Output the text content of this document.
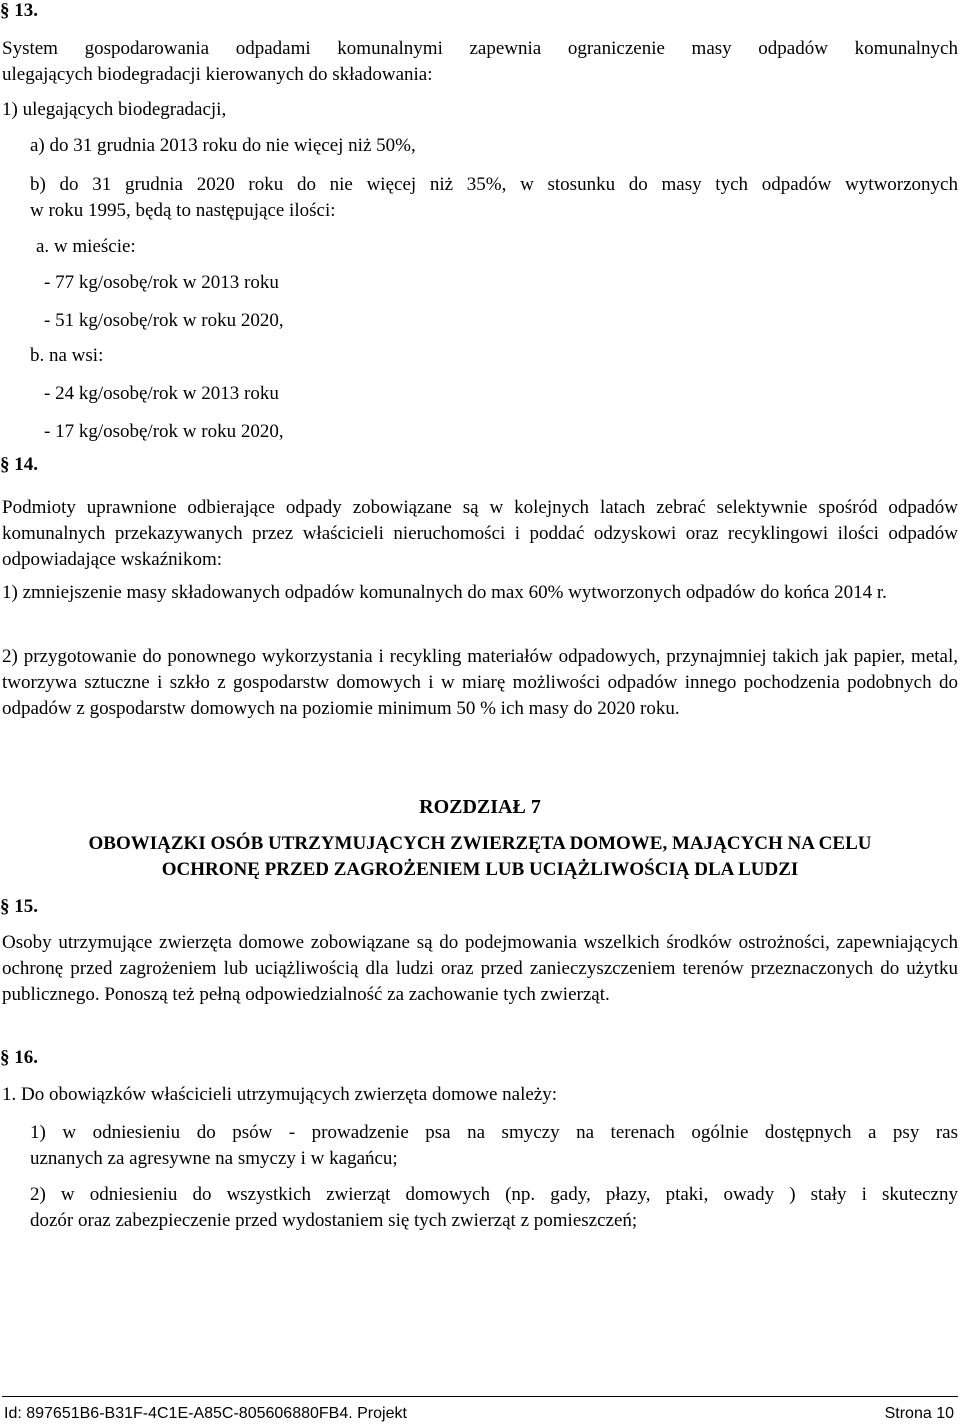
§ 13.
System gospodarowania odpadami komunalnymi zapewnia ograniczenie masy odpadów komunalnych
ulegających biodegradacji kierowanych do składowania:
1) ulegających biodegradacji,
a) do 31 grudnia 2013 roku do nie więcej niż 50%,
b) do 31 grudnia 2020 roku do nie więcej niż 35%, w stosunku do masy tych odpadów wytworzonych
w roku 1995, będą to następujące ilości:
a. w mieście:
- 77 kg/osobę/rok w 2013 roku
- 51 kg/osobę/rok w roku 2020,
b. na wsi:
- 24 kg/osobę/rok w 2013 roku
- 17 kg/osobę/rok w roku 2020,
§ 14.
Podmioty uprawnione odbierające odpady zobowiązane są w kolejnych latach zebrać selektywnie spośród odpadów komunalnych przekazywanych przez właścicieli nieruchomości i poddać odzyskowi oraz recyklingowi ilości odpadów odpowiadające wskaźnikom:
1) zmniejszenie masy składowanych odpadów komunalnych do max 60% wytworzonych odpadów do końca 2014 r.
2) przygotowanie do ponownego wykorzystania i recykling materiałów odpadowych, przynajmniej takich jak papier, metal, tworzywa sztuczne i szkło z gospodarstw domowych i w miarę możliwości odpadów innego pochodzenia podobnych do odpadów z gospodarstw domowych na poziomie minimum 50 % ich masy do 2020 roku.
ROZDZIAŁ 7
OBOWIĄZKI OSÓB UTRZYMUJĄCYCH ZWIERZĘTA DOMOWE, MAJĄCYCH NA CELU
OCHRONĘ PRZED ZAGROŻENIEM LUB UCIĄŻLIWOŚCIĄ DLA LUDZI
§ 15.
Osoby utrzymujące zwierzęta domowe zobowiązane są do podejmowania wszelkich środków ostrożności, zapewniających ochronę przed zagrożeniem lub uciążliwością dla ludzi oraz przed zanieczyszczeniem terenów przeznaczonych do użytku publicznego. Ponoszą też pełną odpowiedzialność za zachowanie tych zwierząt.
§ 16.
1. Do obowiązków właścicieli utrzymujących zwierzęta domowe należy:
1) w odniesieniu do psów - prowadzenie psa na smyczy na terenach ogólnie dostępnych a psy ras
uznanych za agresywne na smyczy i w kagańcu;
2) w odniesieniu do wszystkich zwierząt domowych (np. gady, płazy, ptaki, owady ) stały i skuteczny
dozór oraz zabezpieczenie przed wydostaniem się tych zwierząt z pomieszczeń;
Id: 897651B6-B31F-4C1E-A85C-805606880FB4. Projekt	Strona 10
